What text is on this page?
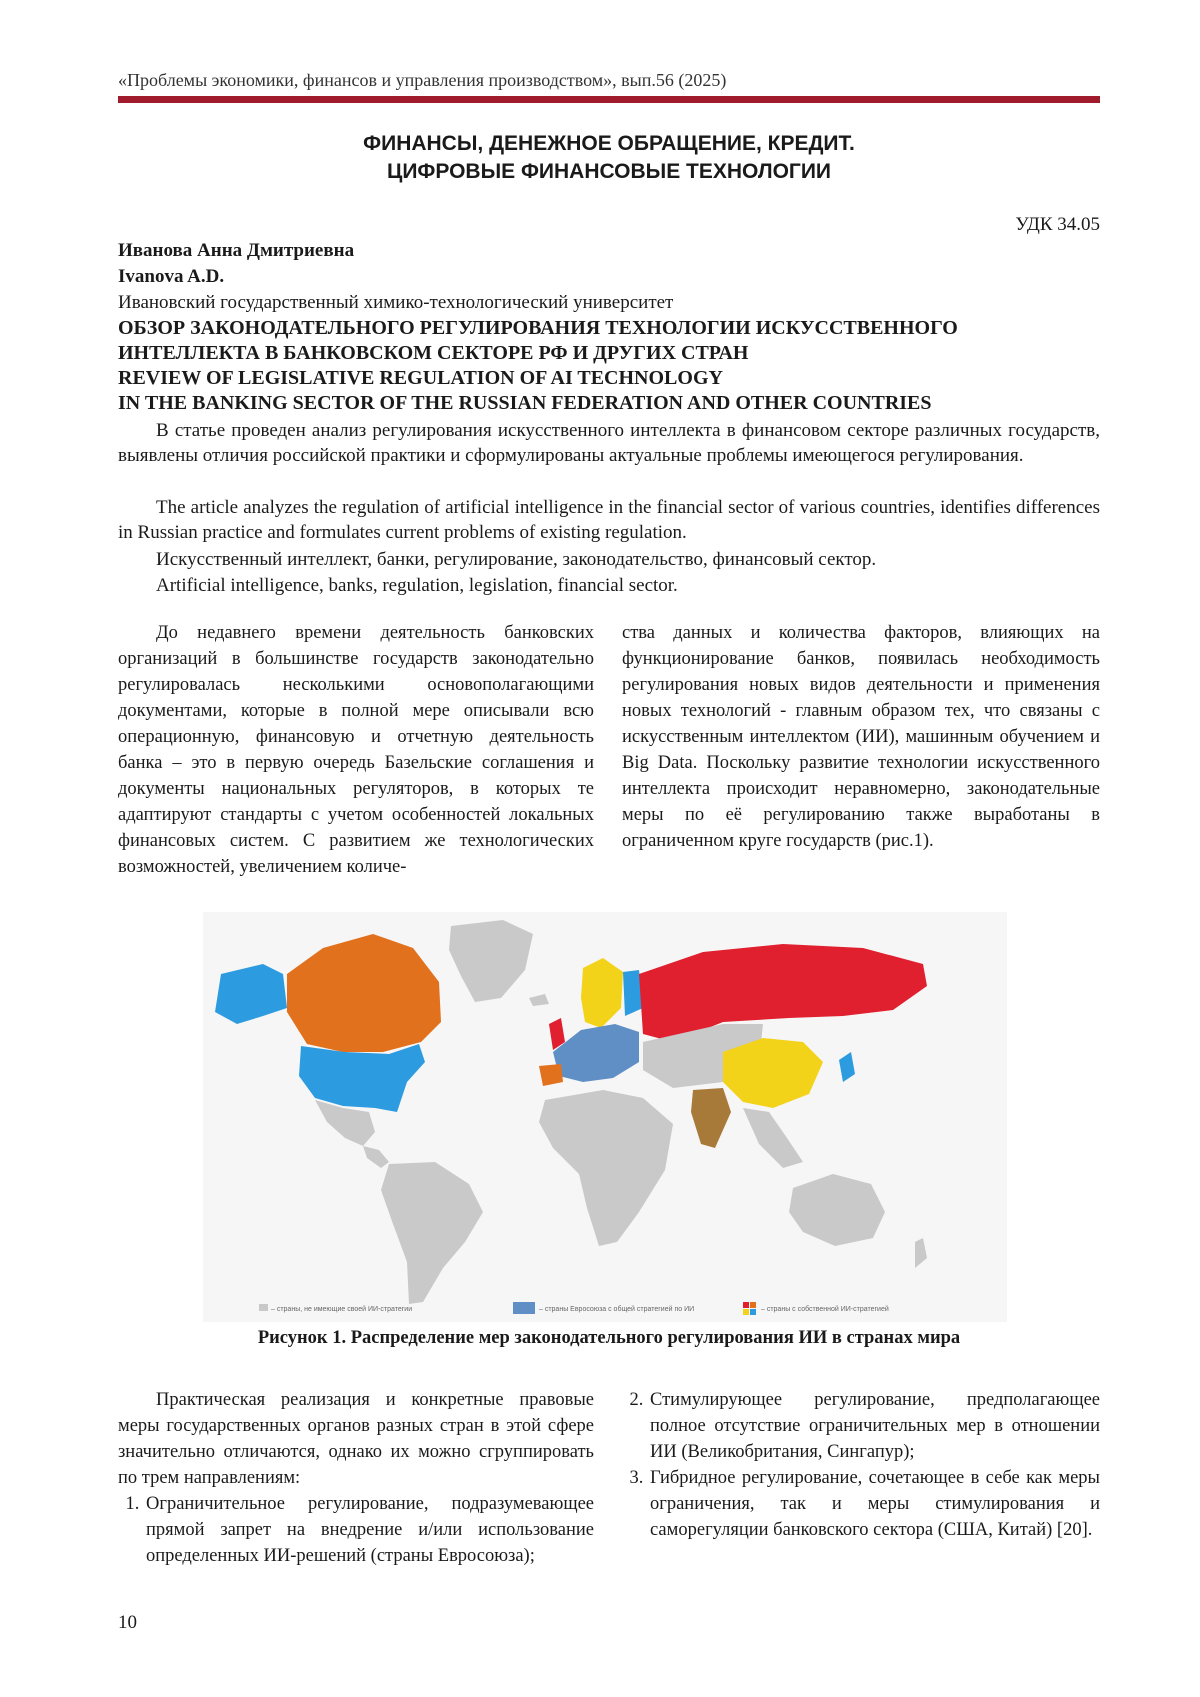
«Проблемы экономики, финансов и управления производством», вып.56 (2025)
ФИНАНСЫ, ДЕНЕЖНОЕ ОБРАЩЕНИЕ, КРЕДИТ.
ЦИФРОВЫЕ ФИНАНСОВЫЕ ТЕХНОЛОГИИ
УДК 34.05
Иванова Анна Дмитриевна
Ivanova A.D.
Ивановский государственный химико-технологический университет
ОБЗОР ЗАКОНОДАТЕЛЬНОГО РЕГУЛИРОВАНИЯ ТЕХНОЛОГИИ ИСКУССТВЕННОГО
ИНТЕЛЛЕКТА В БАНКОВСКОМ СЕКТОРЕ РФ И ДРУГИХ СТРАН
REVIEW OF LEGISLATIVE REGULATION OF AI TECHNOLOGY
IN THE BANKING SECTOR OF THE RUSSIAN FEDERATION AND OTHER COUNTRIES

В статье проведен анализ регулирования искусственного интеллекта в финансовом секторе различных государств, выявлены отличия российской практики и сформулированы актуальные проблемы имеющегося регулирования.

The article analyzes the regulation of artificial intelligence in the financial sector of various countries, identifies differences in Russian practice and formulates current problems of existing regulation.

Искусственный интеллект, банки, регулирование, законодательство, финансовый сектор.

Artificial intelligence, banks, regulation, legislation, financial sector.

До недавнего времени деятельность банковских организаций в большинстве государств законодательно регулировалась несколькими основополагающими документами, которые в полной мере описывали всю операционную, финансовую и отчетную деятельность банка – это в первую очередь Базельские соглашения и документы национальных регуляторов, в которых те адаптируют стандарты с учетом особенностей локальных финансовых систем. С развитием же технологических возможностей, увеличением количе-

ства данных и количества факторов, влияющих на функционирование банков, появилась необходимость регулирования новых видов деятельности и применения новых технологий - главным образом тех, что связаны с искусственным интеллектом (ИИ), машинным обучением и Big Data. Поскольку развитие технологии искусственного интеллекта происходит неравномерно, законодательные меры по её регулированию также выработаны в ограниченном круге государств (рис.1).

– страны, не имеющие своей ИИ-стратегии	– страны Евросоюза с общей стратегией по ИИ	– страны с собственной ИИ-стратегией
Рисунок 1. Распределение мер законодательного регулирования ИИ в странах мира

Практическая реализация и конкретные правовые меры государственных органов разных стран в этой сфере значительно отличаются, однако их можно сгруппировать по трем направлениям:

1. Ограничительное регулирование, подразумевающее прямой запрет на внедрение и/или использование определенных ИИ-решений (страны Евросоюза);
2. Стимулирующее регулирование, предполагающее полное отсутствие ограничительных мер в отношении ИИ (Великобритания, Сингапур);
3. Гибридное регулирование, сочетающее в себе как меры ограничения, так и меры стимулирования и саморегуляции банковского сектора (США, Китай) [20].
10
